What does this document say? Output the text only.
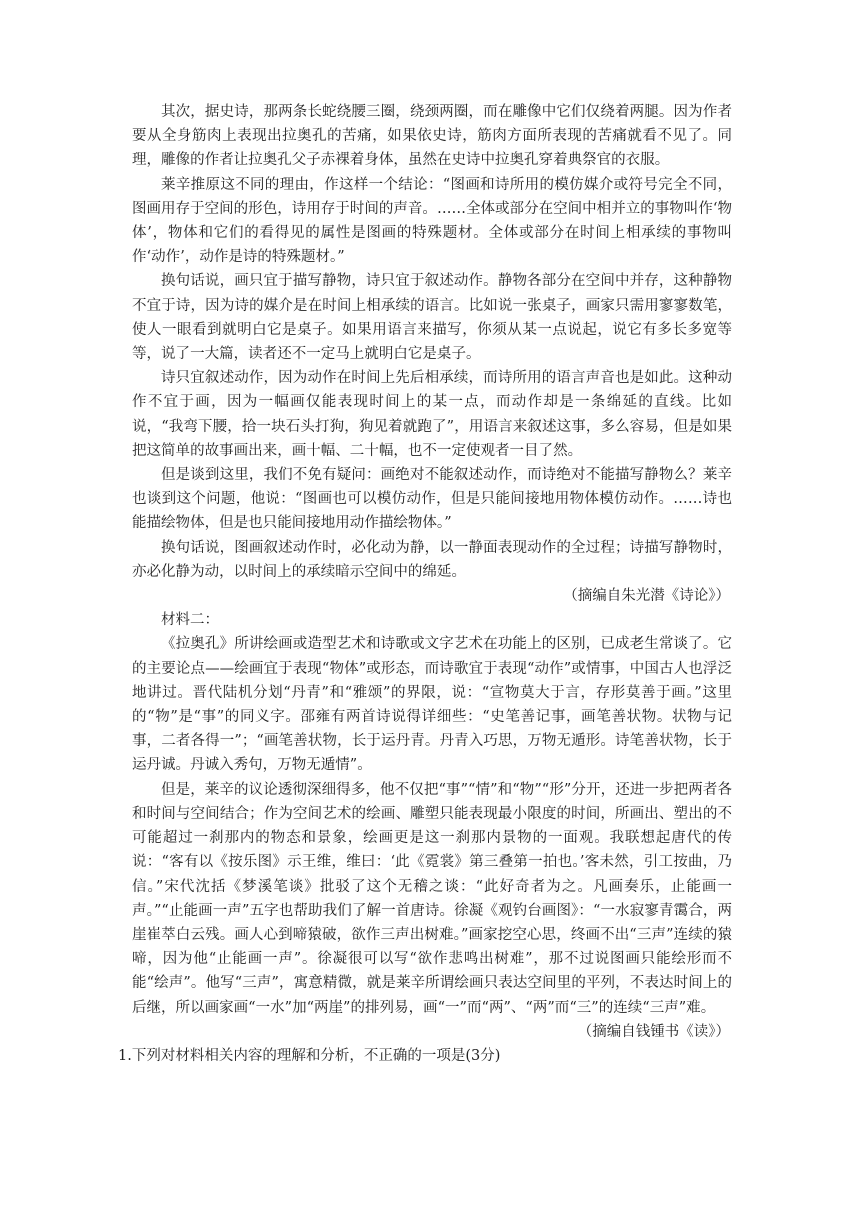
其次，据史诗，那两条长蛇绕腰三圈，绕颈两圈，而在雕像中它们仅绕着两腿。因为作者要从全身筋肉上表现出拉奥孔的苦痛，如果依史诗，筋肉方面所表现的苦痛就看不见了。同理，雕像的作者让拉奥孔父子赤裸着身体，虽然在史诗中拉奥孔穿着典祭官的衣服。

莱辛推原这不同的理由，作这样一个结论：“图画和诗所用的模仿媒介或符号完全不同，图画用存于空间的形色，诗用存于时间的声音。……全体或部分在空间中相并立的事物叫作‘物体’，物体和它们的看得见的属性是图画的特殊题材。全体或部分在时间上相承续的事物叫作‘动作’，动作是诗的特殊题材。”

换句话说，画只宜于描写静物，诗只宜于叙述动作。静物各部分在空间中并存，这种静物不宜于诗，因为诗的媒介是在时间上相承续的语言。比如说一张桌子，画家只需用寥寥数笔，使人一眼看到就明白它是桌子。如果用语言来描写，你须从某一点说起，说它有多长多宽等等，说了一大篇，读者还不一定马上就明白它是桌子。

诗只宜叙述动作，因为动作在时间上先后相承续，而诗所用的语言声音也是如此。这种动作不宜于画，因为一幅画仅能表现时间上的某一点，而动作却是一条绵延的直线。比如说，“我弯下腰，拾一块石头打狗，狗见着就跑了”，用语言来叙述这事，多么容易，但是如果把这简单的故事画出来，画十幅、二十幅，也不一定使观者一目了然。

但是谈到这里，我们不免有疑问：画绝对不能叙述动作，而诗绝对不能描写静物么？莱辛也谈到这个问题，他说：“图画也可以模仿动作，但是只能间接地用物体模仿动作。……诗也能描绘物体，但是也只能间接地用动作描绘物体。”

换句话说，图画叙述动作时，必化动为静，以一静面表现动作的全过程；诗描写静物时，亦必化静为动，以时间上的承续暗示空间中的绵延。

（摘编自朱光潜《诗论》）

材料二：

《拉奥孔》所讲绘画或造型艺术和诗歌或文字艺术在功能上的区别，已成老生常谈了。它的主要论点——绘画宜于表现“物体”或形态，而诗歌宜于表现“动作”或情事，中国古人也浮泛地讲过。晋代陆机分划“丹青”和“雅颂”的界限，说：“宣物莫大于言，存形莫善于画。”这里的“物”是“事”的同义字。邵雍有两首诗说得详细些：“史笔善记事，画笔善状物。状物与记事，二者各得一”；“画笔善状物，长于运丹青。丹青入巧思，万物无遁形。诗笔善状物，长于运丹诚。丹诚入秀句，万物无遁情”。

但是，莱辛的议论透彻深细得多，他不仅把“事”“情”和“物”“形”分开，还进一步把两者各和时间与空间结合；作为空间艺术的绘画、雕塑只能表现最小限度的时间，所画出、塑出的不可能超过一刹那内的物态和景象，绘画更是这一刹那内景物的一面观。我联想起唐代的传说：“客有以《按乐图》示王维，维曰：‘此《霓裳》第三叠第一拍也。’客未然，引工按曲，乃信。”宋代沈括《梦溪笔谈》批驳了这个无稽之谈：“此好奇者为之。凡画奏乐，止能画一声。”“止能画一声”五字也帮助我们了解一首唐诗。徐凝《观钓台画图》：“一水寂寥青霭合，两崖崔萃白云残。画人心到啼猿破，欲作三声出树难。”画家挖空心思，终画不出“三声”连续的猿啼，因为他“止能画一声”。徐凝很可以写“欲作悲鸣出树难”，那不过说图画只能绘形而不能“绘声”。他写“三声”，寓意精微，就是莱辛所谓绘画只表达空间里的平列，不表达时间上的后继，所以画家画“一水”加“两崖”的排列易，画“一”而“两”、“两”而“三”的连续“三声”难。

（摘编自钱锺书《读》）

1.下列对材料相关内容的理解和分析，不正确的一项是(3分)
